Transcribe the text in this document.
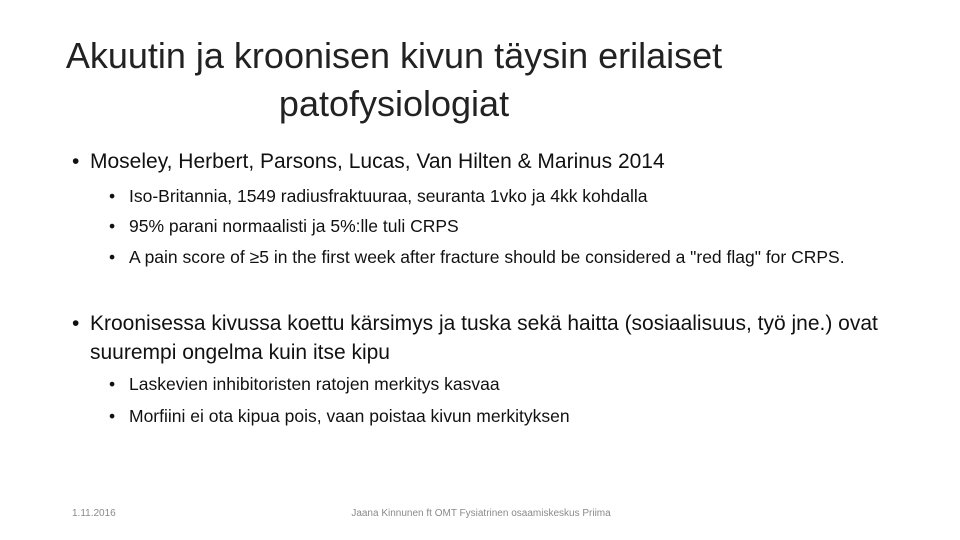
Akuutin ja kroonisen kivun täysin erilaiset
patofysiologiat
• Moseley, Herbert, Parsons, Lucas, Van Hilten & Marinus 2014
• Iso-Britannia, 1549 radiusfraktuuraa, seuranta 1vko ja 4kk kohdalla
• 95% parani normaalisti ja 5%:lle tuli CRPS
• A pain score of ≥5 in the first week after fracture should be considered a "red flag" for CRPS.
• Kroonisessa kivussa koettu kärsimys ja tuska sekä haitta (sosiaalisuus, työ jne.) ovat suurempi ongelma kuin itse kipu
• Laskevien inhibitoristen ratojen merkitys kasvaa
• Morfiini ei ota kipua pois, vaan poistaa kivun merkityksen
1.11.2016	Jaana Kinnunen ft OMT Fysiatrinen osaamiskeskus Priima
